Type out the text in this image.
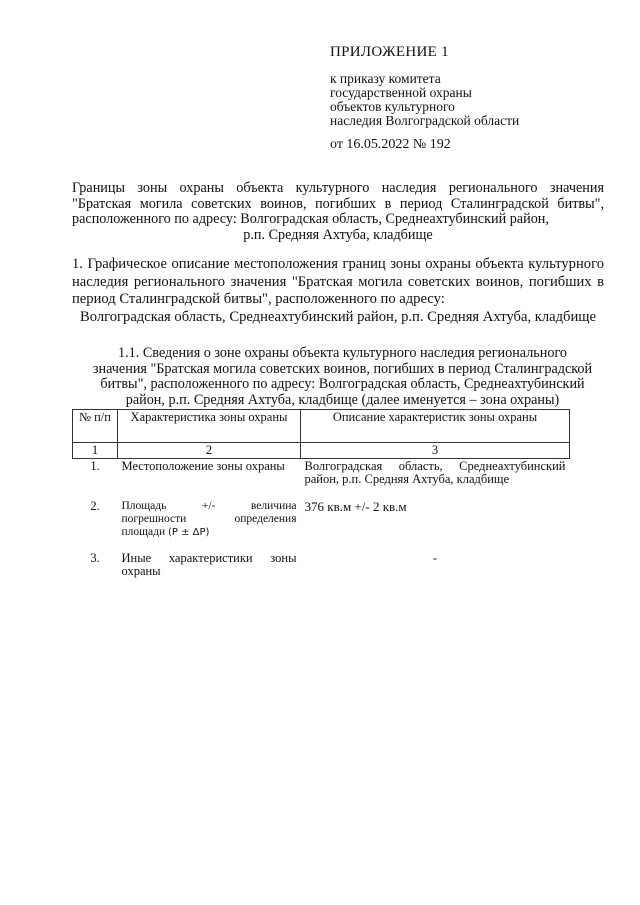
ПРИЛОЖЕНИЕ 1
к приказу комитета
государственной охраны
объектов культурного
наследия Волгоградской области
от 16.05.2022 № 192
Границы зоны охраны объекта культурного наследия регионального значения "Братская могила советских воинов, погибших в период Сталинградской битвы", расположенного по адресу: Волгоградская область, Среднеахтубинский район,
р.п. Средняя Ахтуба, кладбище
1. Графическое описание местоположения границ зоны охраны объекта культурного наследия регионального значения "Братская могила советских воинов, погибших в период Сталинградской битвы", расположенного по адресу:
Волгоградская область, Среднеахтубинский район, р.п. Средняя Ахтуба, кладбище
1.1. Сведения о зоне охраны объекта культурного наследия регионального
значения "Братская могила советских воинов, погибших в период Сталинградской
битвы", расположенного по адресу: Волгоградская область, Среднеахтубинский
район, р.п. Средняя Ахтуба, кладбище (далее именуется – зона охраны)
№ п/п	Характеристика зоны охраны	Описание характеристик зоны охраны
1	2	3
1.	Местоположение зоны охраны	Волгоградская область, Среднеахтубинский район, р.п. Средняя Ахтуба, кладбище
2.	Площадь +/- величина погрешности определения площади (P ± ΔP)	376 кв.м +/- 2 кв.м
3.	Иные характеристики зоны охраны	-
